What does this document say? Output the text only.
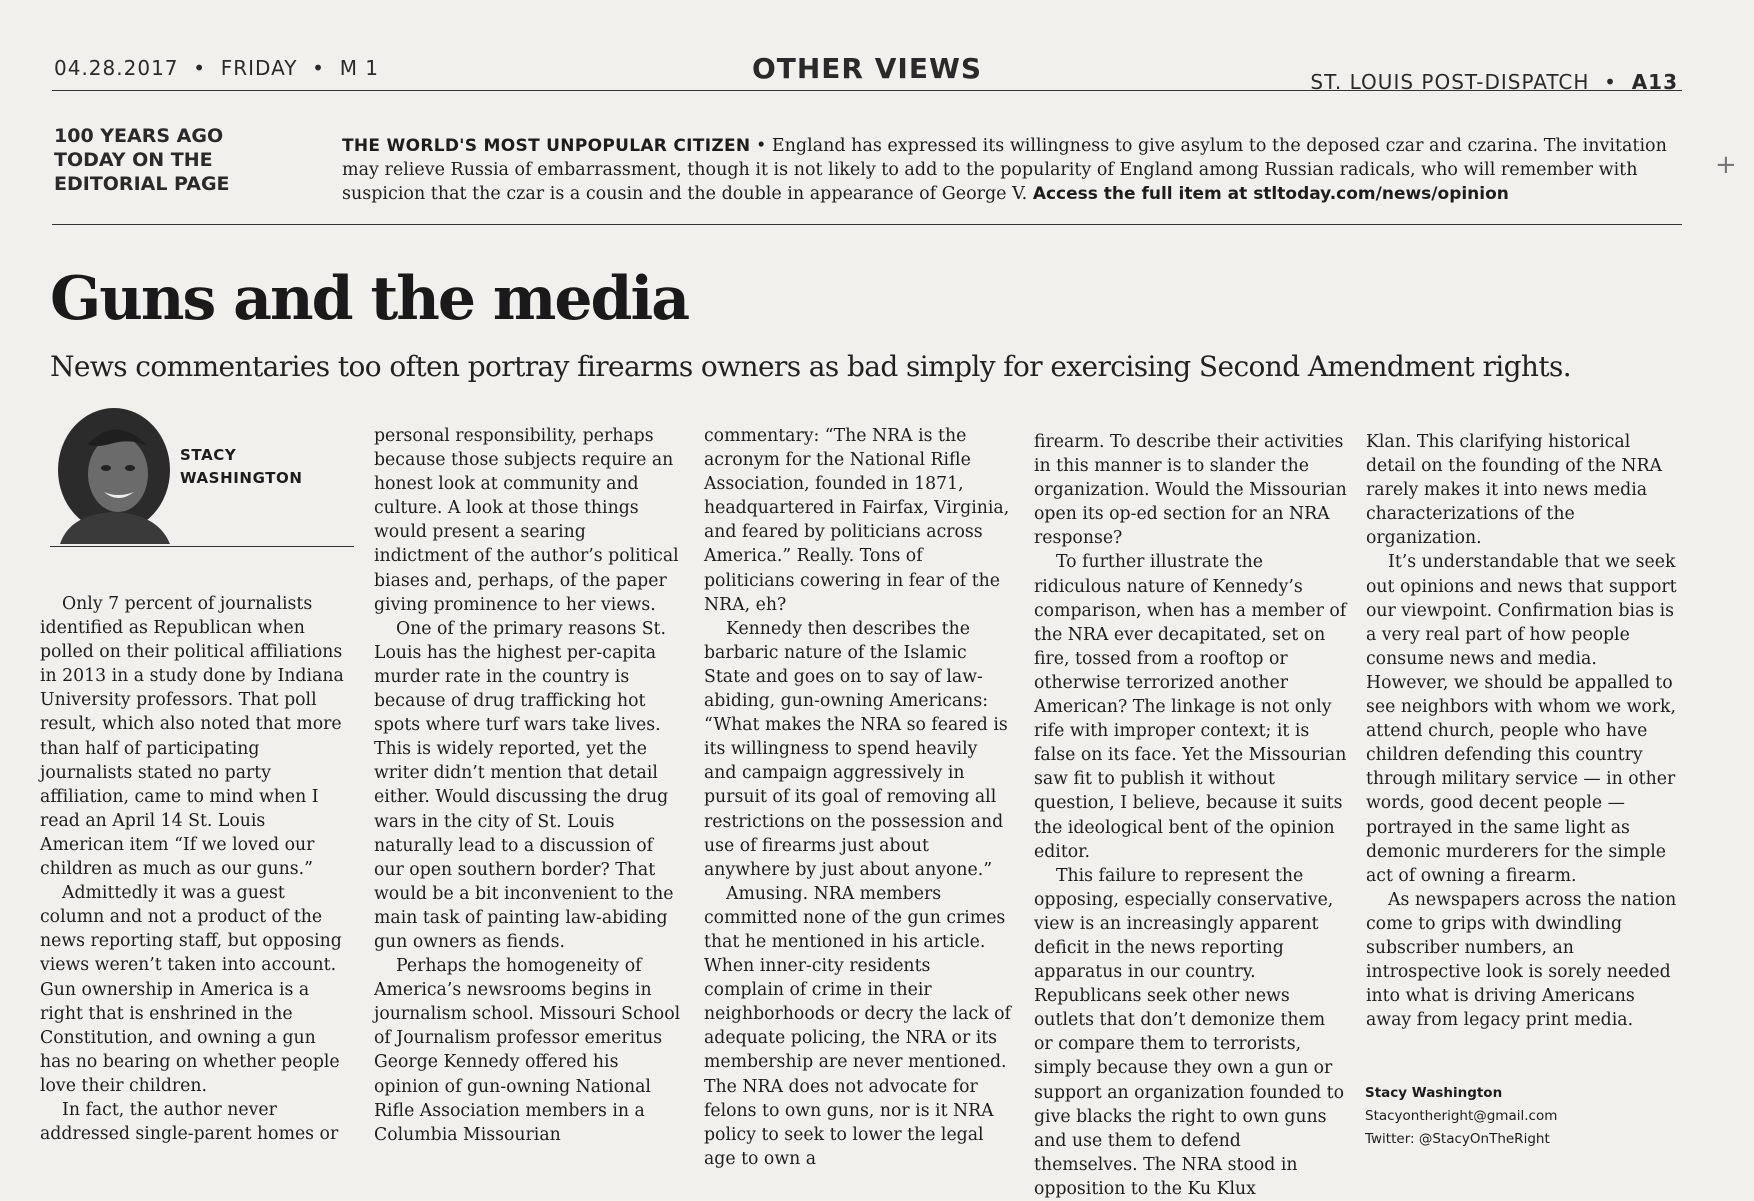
04.28.2017  •  FRIDAY  •  M 1	OTHER VIEWS	ST. LOUIS POST-DISPATCH  •  A13
100 YEARS AGO
TODAY ON THE
EDITORIAL PAGE
THE WORLD'S MOST UNPOPULAR CITIZEN • England has expressed its willingness to give asylum to the deposed czar and czarina. The invitation may relieve Russia of embarrassment, though it is not likely to add to the popularity of England among Russian radicals, who will remember with suspicion that the czar is a cousin and the double in appearance of George V. Access the full item at stltoday.com/news/opinion
+
Guns and the media
News commentaries too often portray firearms owners as bad simply for exercising Second Amendment rights.
STACY
WASHINGTON

Only 7 percent of journalists identified as Republican when polled on their political affiliations in 2013 in a study done by Indiana University professors. That poll result, which also noted that more than half of participating journalists stated no party affiliation, came to mind when I read an April 14 St. Louis American item “If we loved our children as much as our guns.”

Admittedly it was a guest column and not a product of the news reporting staff, but opposing views weren’t taken into account. Gun ownership in America is a right that is enshrined in the Constitution, and owning a gun has no bearing on whether people love their children.

In fact, the author never addressed single-parent homes or

personal responsibility, perhaps because those subjects require an honest look at community and culture. A look at those things would present a searing indictment of the author’s political biases and, perhaps, of the paper giving prominence to her views.

One of the primary reasons St. Louis has the highest per-capita murder rate in the country is because of drug trafficking hot spots where turf wars take lives. This is widely reported, yet the writer didn’t mention that detail either. Would discussing the drug wars in the city of St. Louis naturally lead to a discussion of our open southern border? That would be a bit inconvenient to the main task of painting law-abiding gun owners as fiends.

Perhaps the homogeneity of America’s newsrooms begins in journalism school. Missouri School of Journalism professor emeritus George Kennedy offered his opinion of gun-owning National Rifle Association members in a Columbia Missourian

commentary: “The NRA is the acronym for the National Rifle Association, founded in 1871, headquartered in Fairfax, Virginia, and feared by politicians across America.” Really. Tons of politicians cowering in fear of the NRA, eh?

Kennedy then describes the barbaric nature of the Islamic State and goes on to say of law-abiding, gun-owning Americans: “What makes the NRA so feared is its willingness to spend heavily and campaign aggressively in pursuit of its goal of removing all restrictions on the possession and use of firearms just about anywhere by just about anyone.”

Amusing. NRA members committed none of the gun crimes that he mentioned in his article. When inner-city residents complain of crime in their neighborhoods or decry the lack of adequate policing, the NRA or its membership are never mentioned. The NRA does not advocate for felons to own guns, nor is it NRA policy to seek to lower the legal age to own a

firearm. To describe their activities in this manner is to slander the organization. Would the Missourian open its op-ed section for an NRA response?

To further illustrate the ridiculous nature of Kennedy’s comparison, when has a member of the NRA ever decapitated, set on fire, tossed from a rooftop or otherwise terrorized another American? The linkage is not only rife with improper context; it is false on its face. Yet the Missourian saw fit to publish it without question, I believe, because it suits the ideological bent of the opinion editor.

This failure to represent the opposing, especially conservative, view is an increasingly apparent deficit in the news reporting apparatus in our country. Republicans seek other news outlets that don’t demonize them or compare them to terrorists, simply because they own a gun or support an organization founded to give blacks the right to own guns and use them to defend themselves. The NRA stood in opposition to the Ku Klux

Klan. This clarifying historical detail on the founding of the NRA rarely makes it into news media characterizations of the organization.

It’s understandable that we seek out opinions and news that support our viewpoint. Confirmation bias is a very real part of how people consume news and media. However, we should be appalled to see neighbors with whom we work, attend church, people who have children defending this country through military service — in other words, good decent people — portrayed in the same light as demonic murderers for the simple act of owning a firearm.

As newspapers across the nation come to grips with dwindling subscriber numbers, an introspective look is sorely needed into what is driving Americans away from legacy print media.

Stacy Washington
Stacyontheright@gmail.com
Twitter: @StacyOnTheRight
